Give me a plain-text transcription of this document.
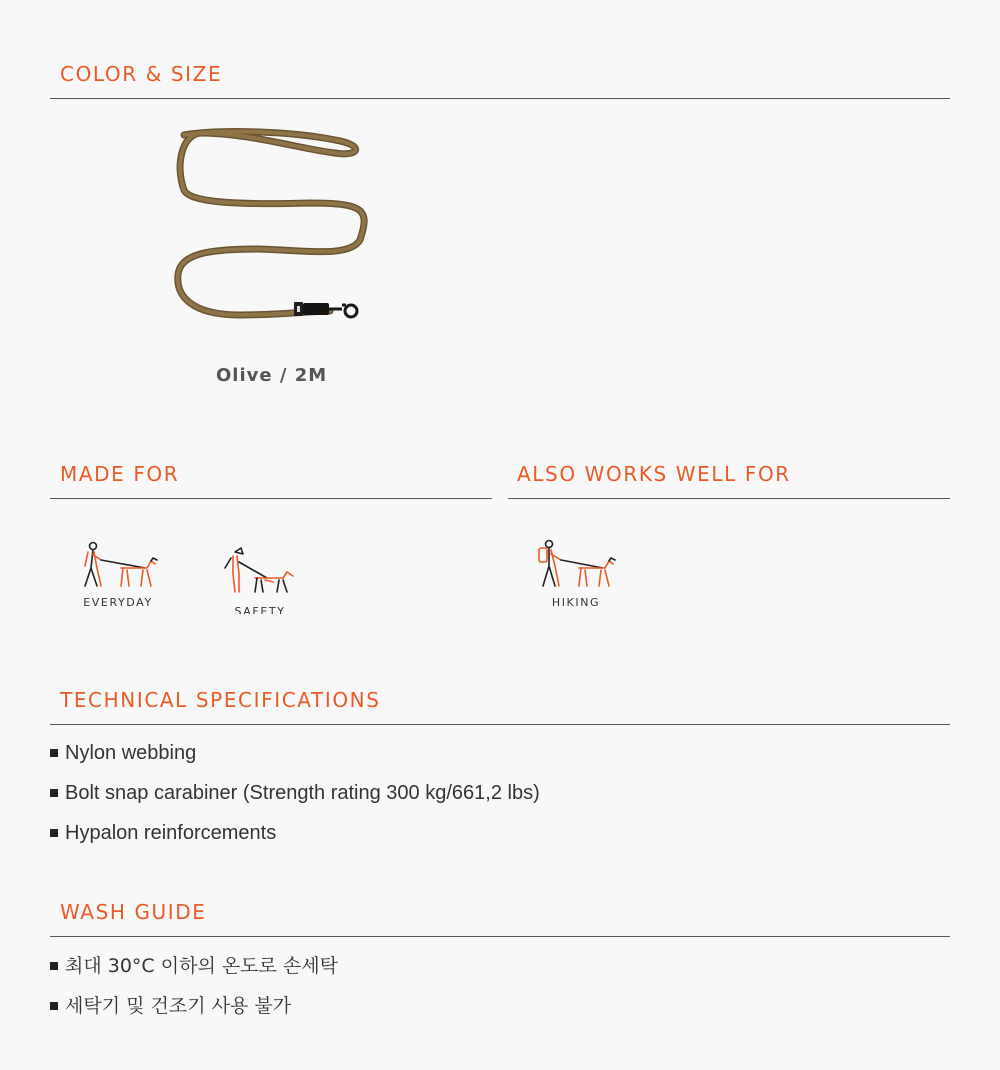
COLOR & SIZE
Olive / 2M
MADE FOR
EVERYDAY
SAFETY
ALSO WORKS WELL FOR
HIKING
TECHNICAL SPECIFICATIONS
Nylon webbing
Bolt snap carabiner (Strength rating 300 kg/661,2 lbs)
Hypalon reinforcements
WASH GUIDE
최대 30°C 이하의 온도로 손세탁
세탁기 및 건조기 사용 불가
